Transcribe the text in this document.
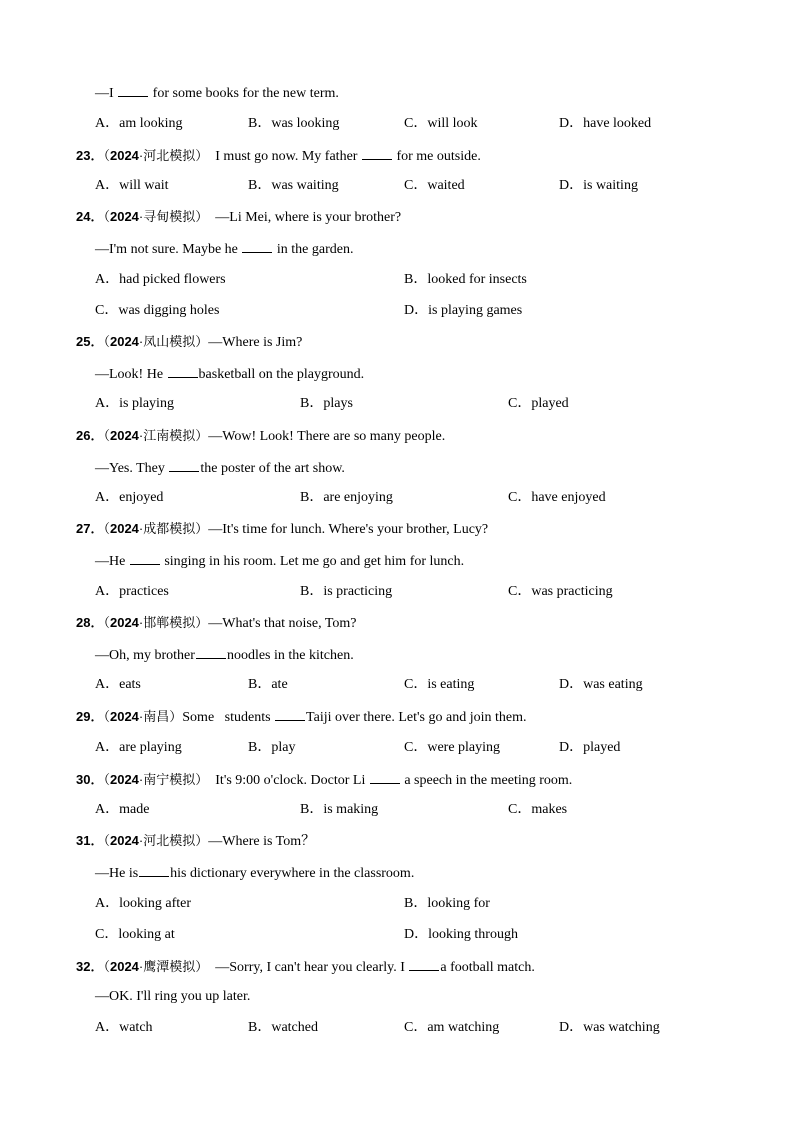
—I	for some books for the new term.
A．am looking	B．was looking	C．will look	D．have looked
23．（2024·河北模拟） I must go now. My father	for me outside.
A．will wait	B．was waiting	C．waited	D．is waiting
24．（2024·寻甸模拟） —Li Mei, where is your brother?
—I'm not sure. Maybe he	in the garden.
A．had picked flowers	B．looked for insects
C．was digging holes	D．is playing games
25．（2024·凤山模拟）—Where is Jim?
—Look! He	basketball on the playground.
A．is playing	B．plays	C．played
26．（2024·江南模拟）—Wow! Look! There are so many people.
—Yes. They	the poster of the art show.
A．enjoyed	B．are enjoying	C．have enjoyed
27．（2024·成都模拟）—It's time for lunch. Where's your brother, Lucy?
—He	singing in his room. Let me go and get him for lunch.
A．practices	B．is practicing	C．was practicing
28．（2024·邯郸模拟）—What's that noise, Tom?
—Oh, my brother noodles in the kitchen.
A．eats	B．ate	C．is eating	D．was eating
29．（2024·南昌）Some   students	Taiji over there. Let's go and join them.
A．are playing	B．play	C．were playing	D．played
30．（2024·南宁模拟） It's 9:00 o'clock. Doctor Li	a speech in the meeting room.
A．made	B．is making	C．makes
31．（2024·河北模拟）—Where is Tom？
—He is his dictionary everywhere in the classroom.
A．looking after	B．looking for
C．looking at	D．looking through
32．（2024·鹰潭模拟） —Sorry, I can't hear you clearly. I	a football match.
—OK. I'll ring you up later.
A．watch	B．watched	C．am watching	D．was watching
